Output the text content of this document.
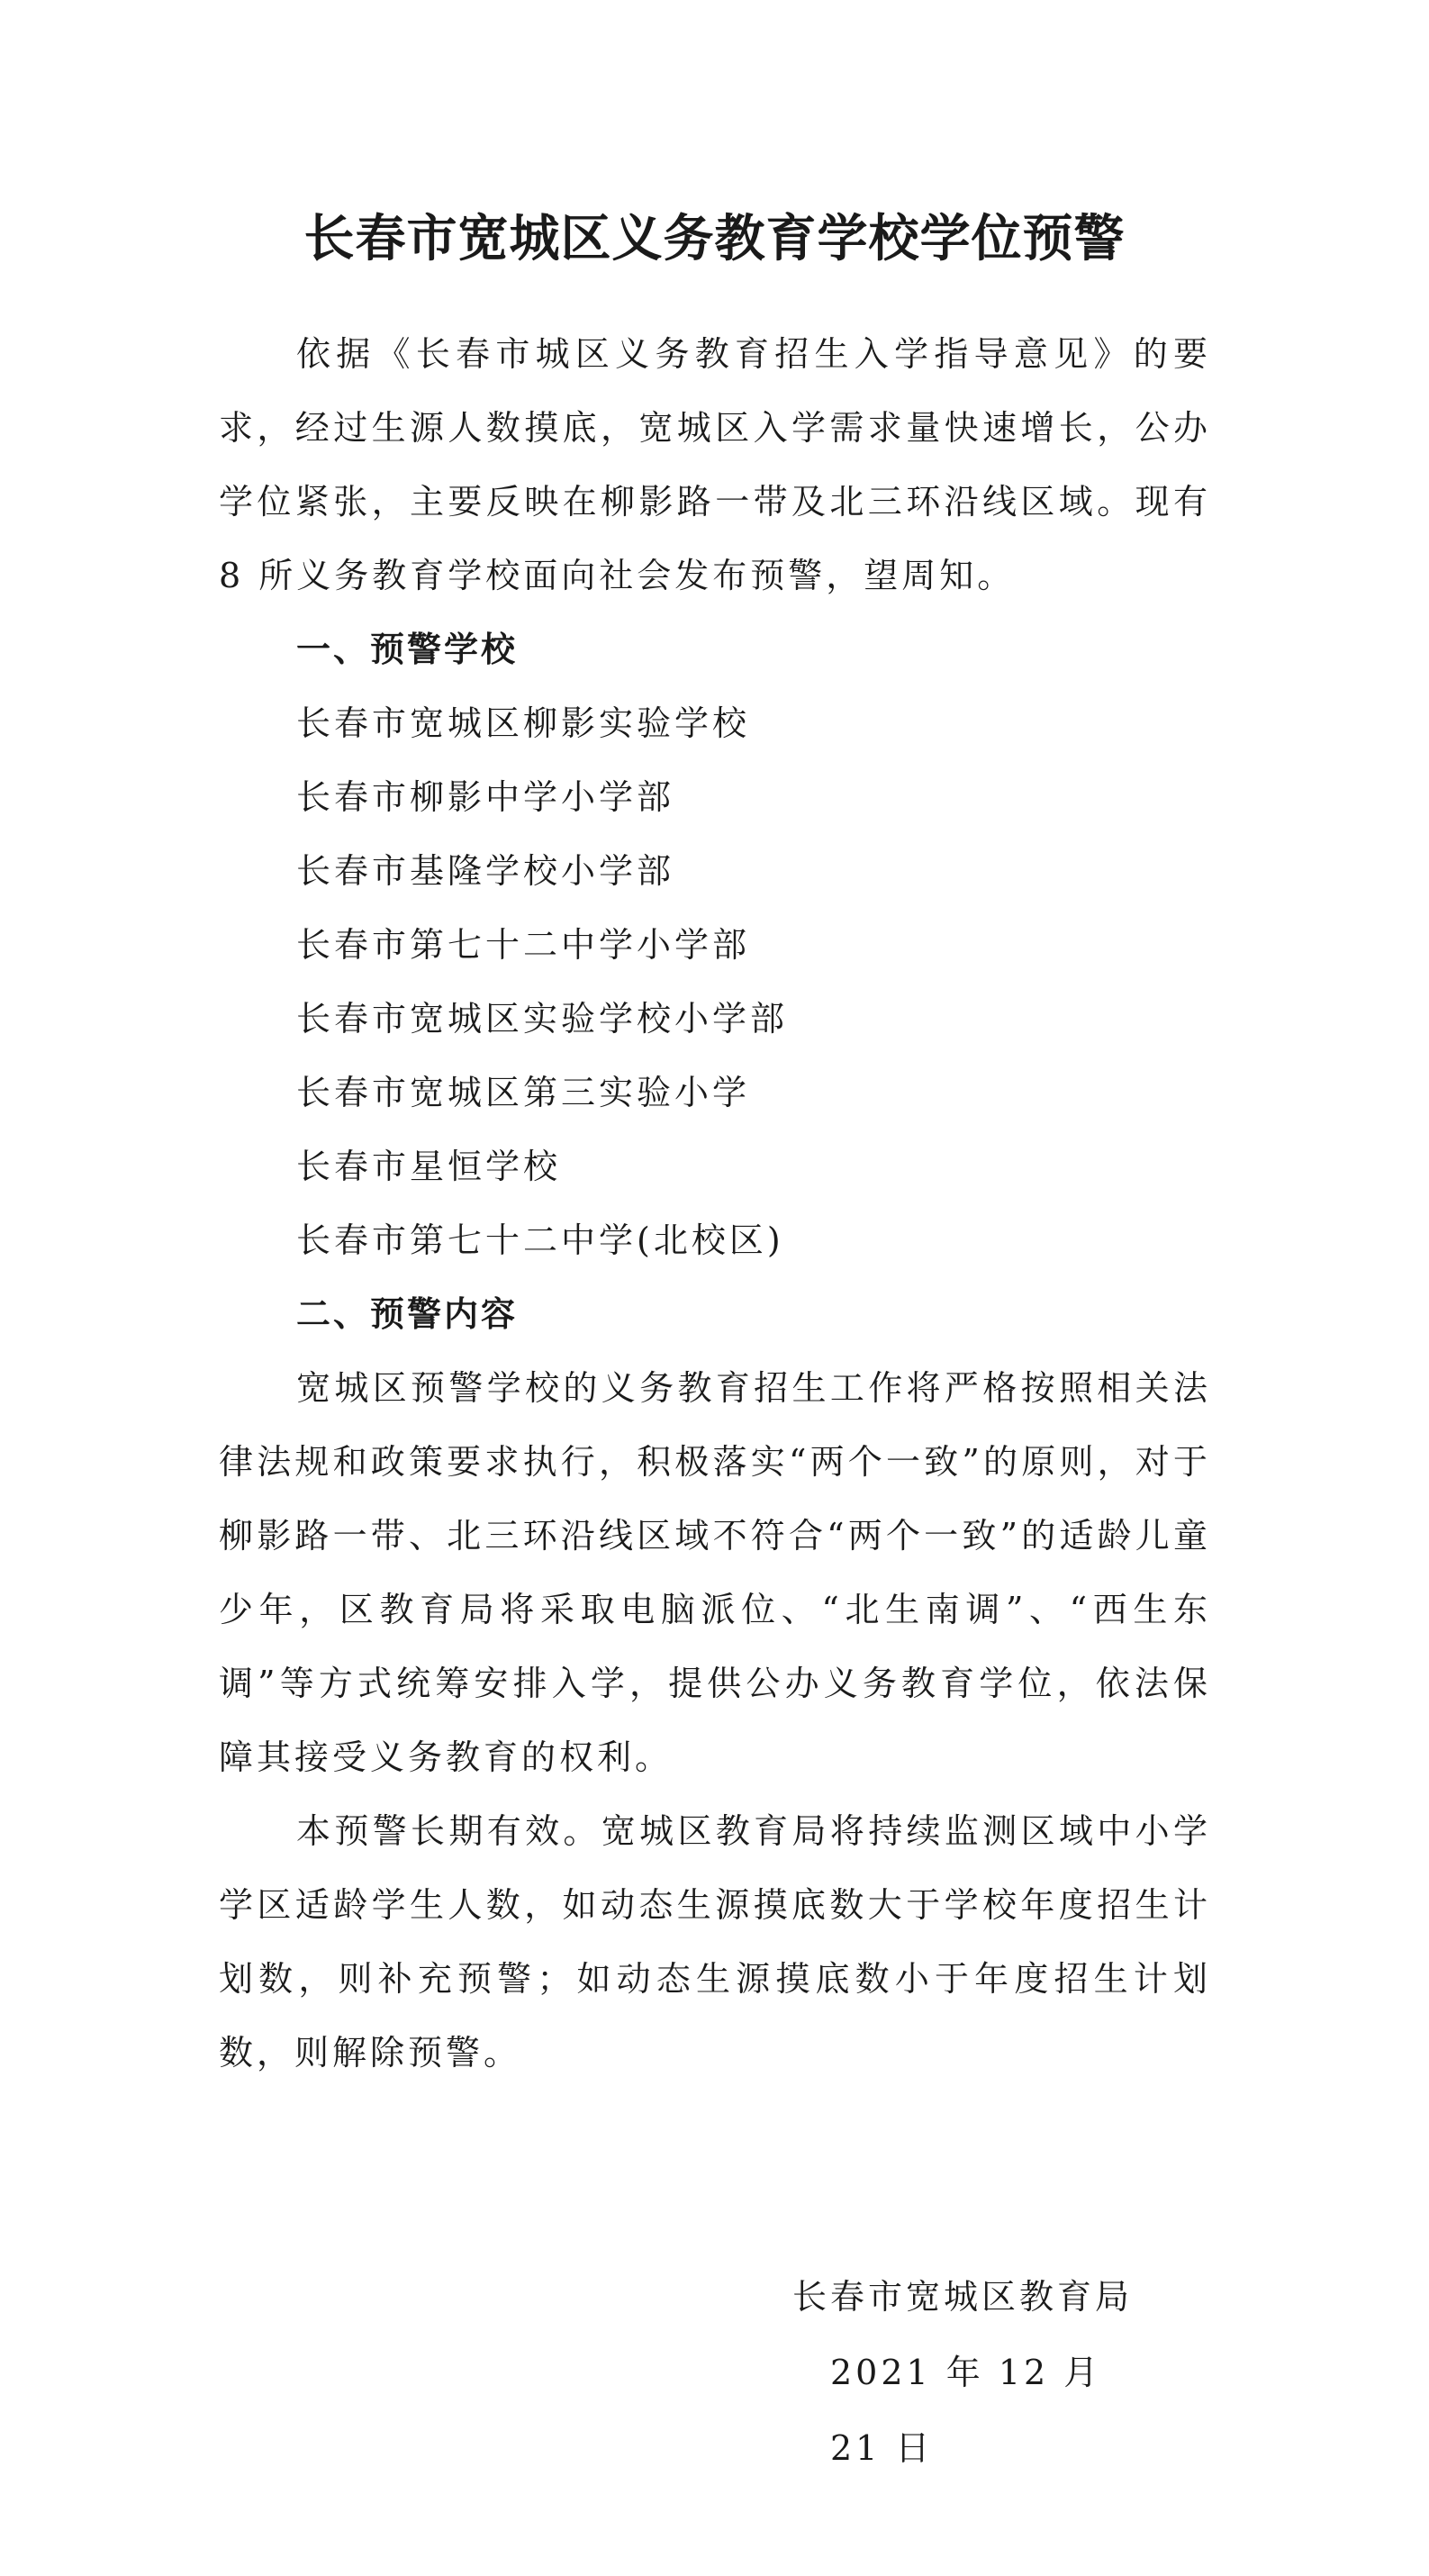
长春市宽城区义务教育学校学位预警

依据《长春市城区义务教育招生入学指导意见》的要求，经过生源人数摸底，宽城区入学需求量快速增长，公办学位紧张，主要反映在柳影路一带及北三环沿线区域。现有 8 所义务教育学校面向社会发布预警，望周知。

一、预警学校

长春市宽城区柳影实验学校
长春市柳影中学小学部
长春市基隆学校小学部
长春市第七十二中学小学部
长春市宽城区实验学校小学部
长春市宽城区第三实验小学
长春市星恒学校
长春市第七十二中学(北校区)

二、预警内容

宽城区预警学校的义务教育招生工作将严格按照相关法律法规和政策要求执行，积极落实“两个一致”的原则，对于柳影路一带、北三环沿线区域不符合“两个一致”的适龄儿童少年，区教育局将采取电脑派位、“北生南调”、“西生东调”等方式统筹安排入学，提供公办义务教育学位，依法保障其接受义务教育的权利。

本预警长期有效。宽城区教育局将持续监测区域中小学学区适龄学生人数，如动态生源摸底数大于学校年度招生计划数，则补充预警；如动态生源摸底数小于年度招生计划数，则解除预警。

长春市宽城区教育局
2021 年 12 月 21 日
